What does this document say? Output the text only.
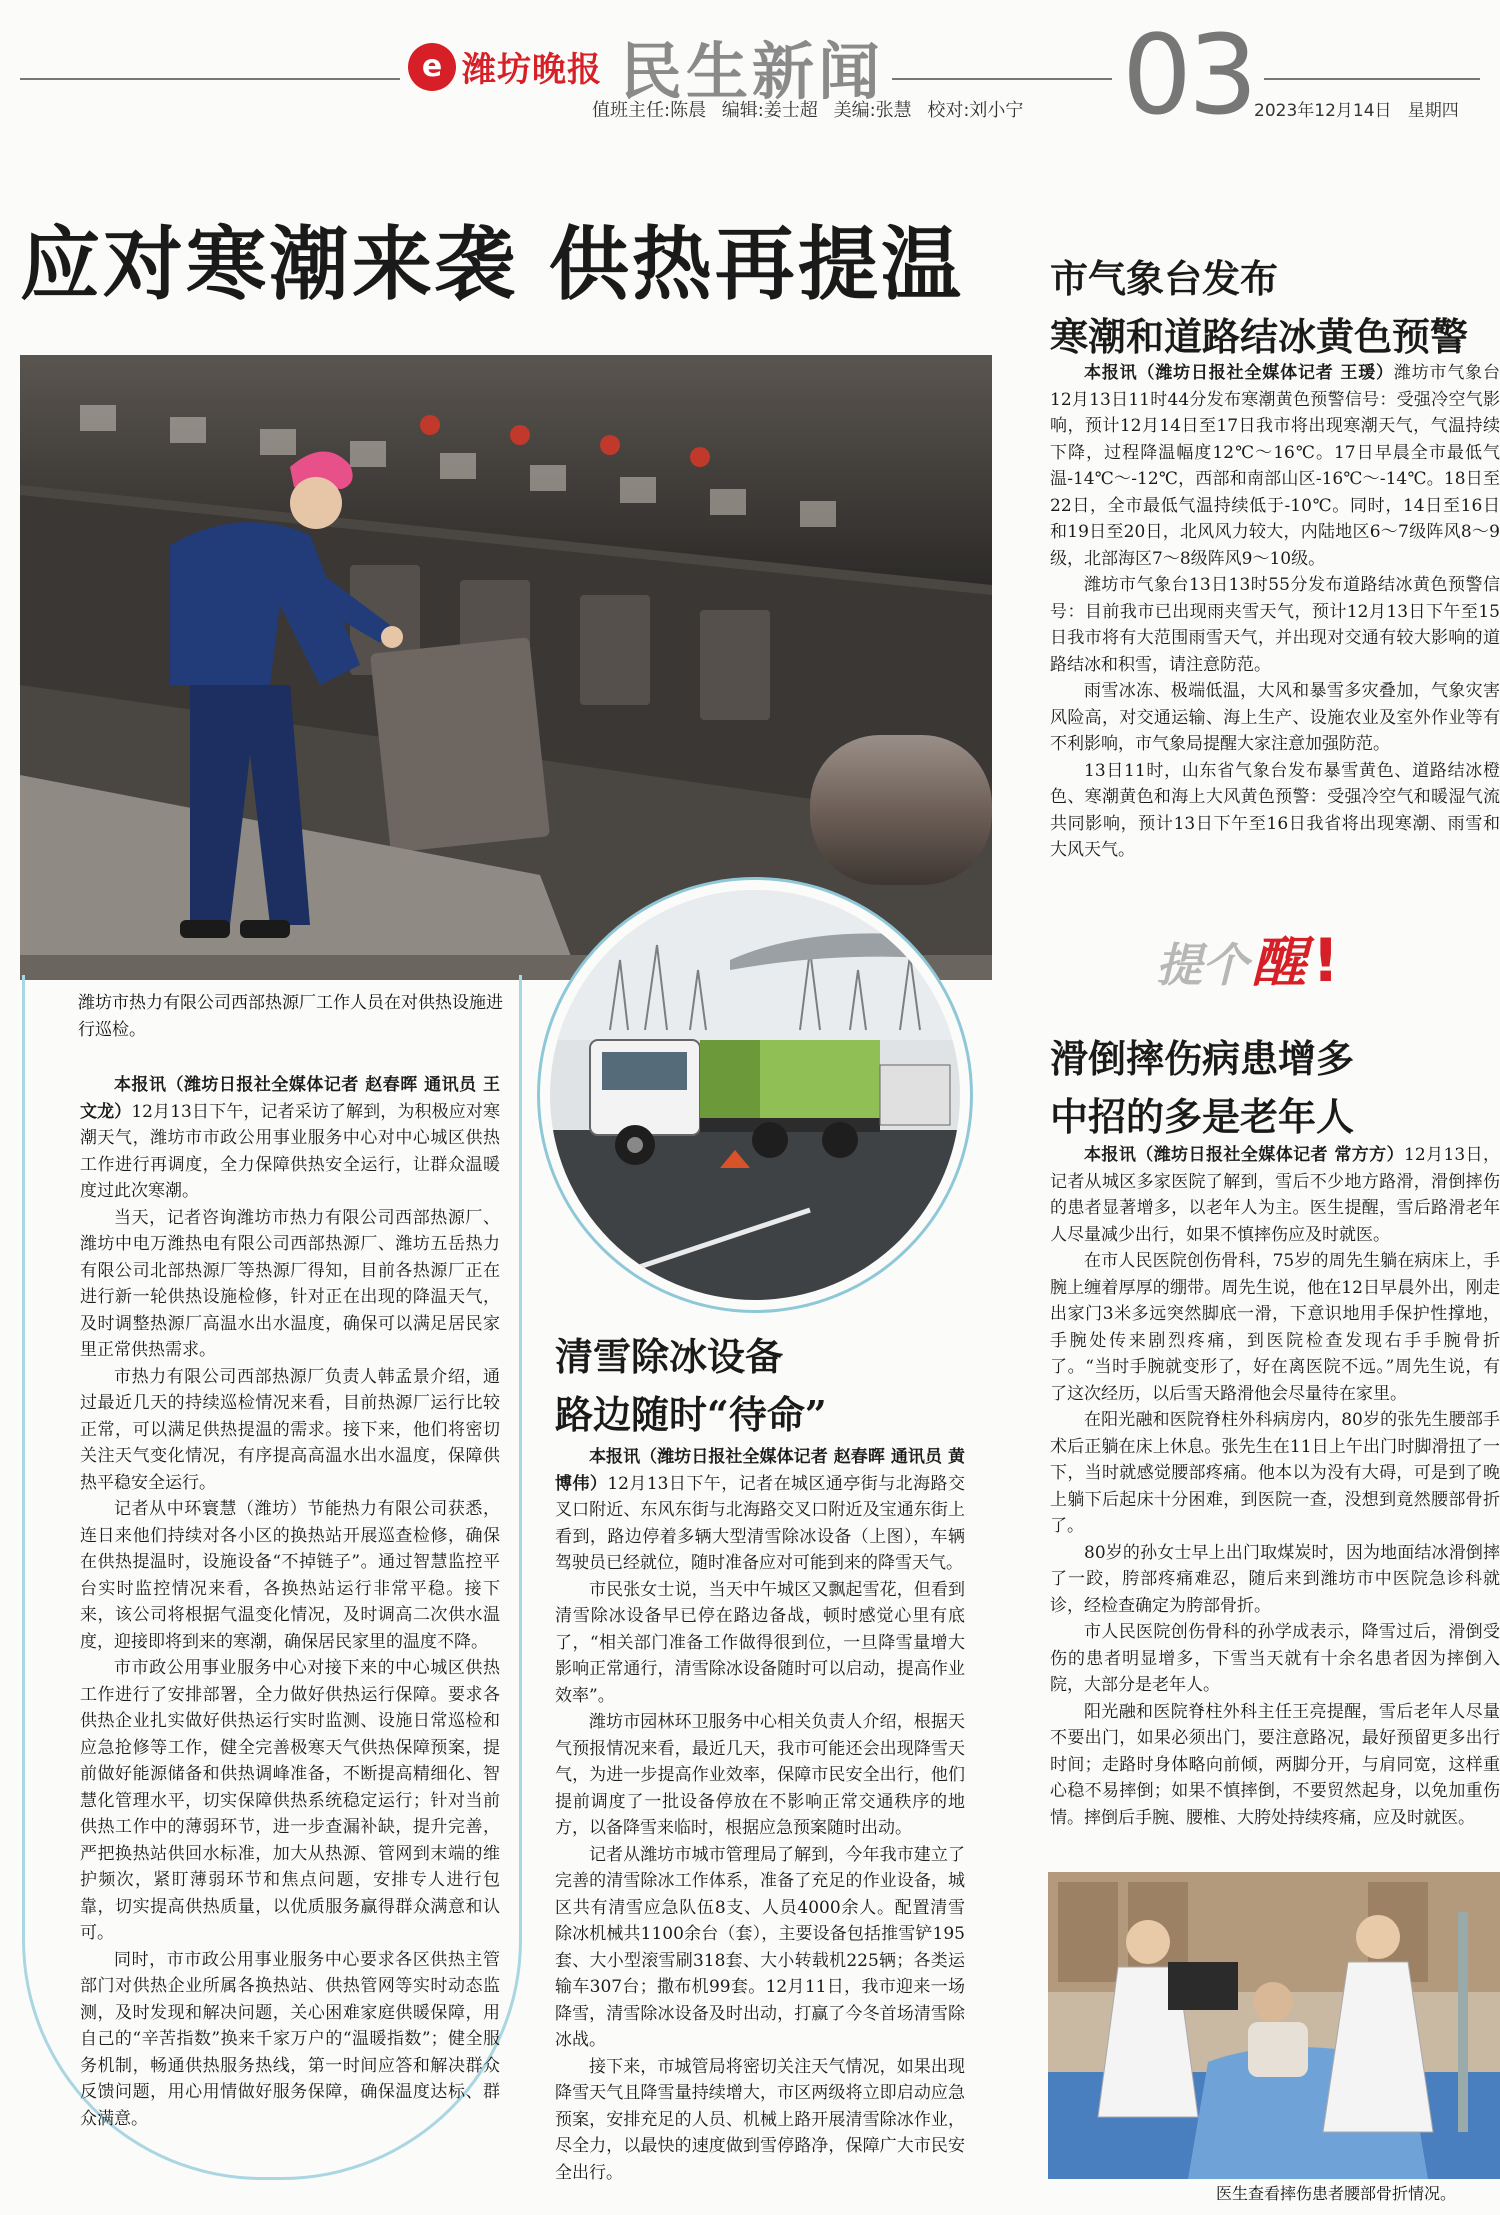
e 潍坊晚报 民生新闻 03
值班主任:陈晨 编辑:姜士超 美编:张慧 校对:刘小宁	2023年12月14日 星期四
应对寒潮来袭 供热再提温
潍坊市热力有限公司西部热源厂工作人员在对供热设施进行巡检。

本报讯（潍坊日报社全媒体记者 赵春晖 通讯员 王文龙）12月13日下午，记者采访了解到，为积极应对寒潮天气，潍坊市市政公用事业服务中心对中心城区供热工作进行再调度，全力保障供热安全运行，让群众温暖度过此次寒潮。

当天，记者咨询潍坊市热力有限公司西部热源厂、潍坊中电万潍热电有限公司西部热源厂、潍坊五岳热力有限公司北部热源厂等热源厂得知，目前各热源厂正在进行新一轮供热设施检修，针对正在出现的降温天气，及时调整热源厂高温水出水温度，确保可以满足居民家里正常供热需求。

市热力有限公司西部热源厂负责人韩孟景介绍，通过最近几天的持续巡检情况来看，目前热源厂运行比较正常，可以满足供热提温的需求。接下来，他们将密切关注天气变化情况，有序提高高温水出水温度，保障供热平稳安全运行。

记者从中环寰慧（潍坊）节能热力有限公司获悉，连日来他们持续对各小区的换热站开展巡查检修，确保在供热提温时，设施设备“不掉链子”。通过智慧监控平台实时监控情况来看，各换热站运行非常平稳。接下来，该公司将根据气温变化情况，及时调高二次供水温度，迎接即将到来的寒潮，确保居民家里的温度不降。

市市政公用事业服务中心对接下来的中心城区供热工作进行了安排部署，全力做好供热运行保障。要求各供热企业扎实做好供热运行实时监测、设施日常巡检和应急抢修等工作，健全完善极寒天气供热保障预案，提前做好能源储备和供热调峰准备，不断提高精细化、智慧化管理水平，切实保障供热系统稳定运行；针对当前供热工作中的薄弱环节，进一步查漏补缺，提升完善，严把换热站供回水标准，加大从热源、管网到末端的维护频次，紧盯薄弱环节和焦点问题，安排专人进行包靠，切实提高供热质量，以优质服务赢得群众满意和认可。

同时，市市政公用事业服务中心要求各区供热主管部门对供热企业所属各换热站、供热管网等实时动态监测，及时发现和解决问题，关心困难家庭供暖保障，用自己的“辛苦指数”换来千家万户的“温暖指数”；健全服务机制，畅通供热服务热线，第一时间应答和解决群众反馈问题，用心用情做好服务保障，确保温度达标、群众满意。

清雪除冰设备
路边随时“待命”

本报讯（潍坊日报社全媒体记者 赵春晖 通讯员 黄博伟）12月13日下午，记者在城区通亭街与北海路交叉口附近、东风东街与北海路交叉口附近及宝通东街上看到，路边停着多辆大型清雪除冰设备（上图），车辆驾驶员已经就位，随时准备应对可能到来的降雪天气。

市民张女士说，当天中午城区又飘起雪花，但看到清雪除冰设备早已停在路边备战，顿时感觉心里有底了，“相关部门准备工作做得很到位，一旦降雪量增大影响正常通行，清雪除冰设备随时可以启动，提高作业效率”。

潍坊市园林环卫服务中心相关负责人介绍，根据天气预报情况来看，最近几天，我市可能还会出现降雪天气，为进一步提高作业效率，保障市民安全出行，他们提前调度了一批设备停放在不影响正常交通秩序的地方，以备降雪来临时，根据应急预案随时出动。

记者从潍坊市城市管理局了解到，今年我市建立了完善的清雪除冰工作体系，准备了充足的作业设备，城区共有清雪应急队伍8支、人员4000余人。配置清雪除冰机械共1100余台（套），主要设备包括推雪铲195套、大小型滚雪刷318套、大小转载机225辆；各类运输车307台；撒布机99套。12月11日，我市迎来一场降雪，清雪除冰设备及时出动，打赢了今冬首场清雪除冰战。

接下来，市城管局将密切关注天气情况，如果出现降雪天气且降雪量持续增大，市区两级将立即启动应急预案，安排充足的人员、机械上路开展清雪除冰作业，尽全力，以最快的速度做到雪停路净，保障广大市民安全出行。

市气象台发布
寒潮和道路结冰黄色预警

本报讯（潍坊日报社全媒体记者 王瑗）潍坊市气象台12月13日11时44分发布寒潮黄色预警信号：受强冷空气影响，预计12月14日至17日我市将出现寒潮天气，气温持续下降，过程降温幅度12℃～16℃。17日早晨全市最低气温-14℃～-12℃，西部和南部山区-16℃～-14℃。18日至22日，全市最低气温持续低于-10℃。同时，14日至16日和19日至20日，北风风力较大，内陆地区6～7级阵风8～9级，北部海区7～8级阵风9～10级。

潍坊市气象台13日13时55分发布道路结冰黄色预警信号：目前我市已出现雨夹雪天气，预计12月13日下午至15日我市将有大范围雨雪天气，并出现对交通有较大影响的道路结冰和积雪，请注意防范。

雨雪冰冻、极端低温，大风和暴雪多灾叠加，气象灾害风险高，对交通运输、海上生产、设施农业及室外作业等有不利影响，市气象局提醒大家注意加强防范。

13日11时，山东省气象台发布暴雪黄色、道路结冰橙色、寒潮黄色和海上大风黄色预警：受强冷空气和暖湿气流共同影响，预计13日下午至16日我省将出现寒潮、雨雪和大风天气。

提个 醒 !
滑倒摔伤病患增多
中招的多是老年人

本报讯（潍坊日报社全媒体记者 常方方）12月13日，记者从城区多家医院了解到，雪后不少地方路滑，滑倒摔伤的患者显著增多，以老年人为主。医生提醒，雪后路滑老年人尽量减少出行，如果不慎摔伤应及时就医。

在市人民医院创伤骨科，75岁的周先生躺在病床上，手腕上缠着厚厚的绷带。周先生说，他在12日早晨外出，刚走出家门3米多远突然脚底一滑，下意识地用手保护性撑地，手腕处传来剧烈疼痛，到医院检查发现右手手腕骨折了。“当时手腕就变形了，好在离医院不远。”周先生说，有了这次经历，以后雪天路滑他会尽量待在家里。

在阳光融和医院脊柱外科病房内，80岁的张先生腰部手术后正躺在床上休息。张先生在11日上午出门时脚滑扭了一下，当时就感觉腰部疼痛。他本以为没有大碍，可是到了晚上躺下后起床十分困难，到医院一查，没想到竟然腰部骨折了。

80岁的孙女士早上出门取煤炭时，因为地面结冰滑倒摔了一跤，胯部疼痛难忍，随后来到潍坊市中医院急诊科就诊，经检查确定为胯部骨折。

市人民医院创伤骨科的孙学成表示，降雪过后，滑倒受伤的患者明显增多，下雪当天就有十余名患者因为摔倒入院，大部分是老年人。

阳光融和医院脊柱外科主任王亮提醒，雪后老年人尽量不要出门，如果必须出门，要注意路况，最好预留更多出行时间；走路时身体略向前倾，两脚分开，与肩同宽，这样重心稳不易摔倒；如果不慎摔倒，不要贸然起身，以免加重伤情。摔倒后手腕、腰椎、大胯处持续疼痛，应及时就医。

医生查看摔伤患者腰部骨折情况。
